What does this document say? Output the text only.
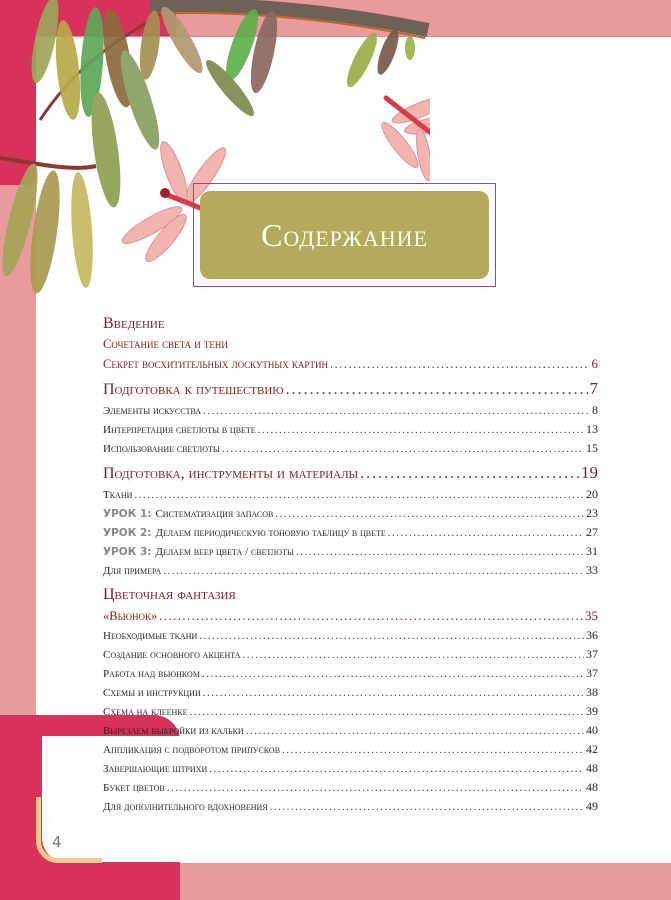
4
Содержание
Введение
Сочетание света и тени
Секрет восхитительных лоскутных картин .....	6
Подготовка к путешествию .....	7
Элементы искусства .....	8
Интерпретация светлоты в цвете .....	13
Использование светлоты .....	15
Подготовка, инструменты и материалы .....	19
Ткани .....	20
УРОК 1: Систематизация запасов .....	23
УРОК 2: Делаем периодическую тоновую таблицу в цвете .....	27
УРОК 3: Делаем веер цвета / светлоты .....	31
Для примера .....	33
Цветочная фантазия
«Вьюнок» .....	35
Необходимые ткани .....	36
Создание основного акцента .....	37
Работа над вьюнком .....	37
Схемы и инструкции .....	38
Схема на клеенке .....	39
Вырезаем выкройки из кальки .....	40
Аппликация с подворотом припусков .....	42
Завершающие штрихи .....	48
Букет цветов .....	48
Для дополнительного вдохновения .....	49
